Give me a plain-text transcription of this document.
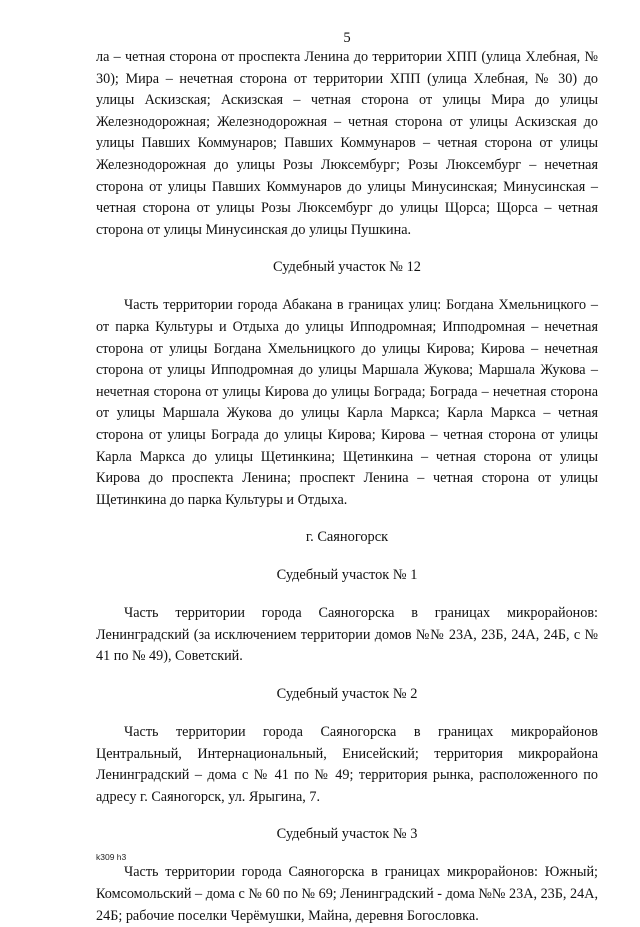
5

ла – четная сторона от проспекта Ленина до территории ХПП (улица Хлебная, № 30); Мира – нечетная сторона от территории ХПП (улица Хлебная, № 30) до улицы Аскизская; Аскизская – четная сторона от улицы Мира до улицы Железнодорожная; Железнодорожная – четная сторона от улицы Аскизская до улицы Павших Коммунаров; Павших Коммунаров – четная сторона от улицы Железнодорожная до улицы Розы Люксембург; Розы Люксембург – нечетная сторона от улицы Павших Коммунаров до улицы Минусинская; Минусинская – четная сторона от улицы Розы Люксембург до улицы Щорса; Щорса – четная сторона от улицы Минусинская до улицы Пушкина.

Судебный участок № 12

Часть территории города Абакана в границах улиц: Богдана Хмельницкого – от парка Культуры и Отдыха до улицы Ипподромная; Ипподромная – нечетная сторона от улицы Богдана Хмельницкого до улицы Кирова; Кирова – нечетная сторона от улицы Ипподромная до улицы Маршала Жукова; Маршала Жукова – нечетная сторона от улицы Кирова до улицы Бограда; Бограда – нечетная сторона от улицы Маршала Жукова до улицы Карла Маркса; Карла Маркса – четная сторона от улицы Бограда до улицы Кирова; Кирова – четная сторона от улицы Карла Маркса до улицы Щетинкина; Щетинкина – четная сторона от улицы Кирова до проспекта Ленина; проспект Ленина – четная сторона от улицы Щетинкина до парка Культуры и Отдыха.

г. Саяногорск
Судебный участок № 1

Часть территории города Саяногорска в границах микрорайонов: Ленинградский (за исключением территории домов №№ 23А, 23Б, 24А, 24Б, с № 41 по № 49), Советский.

Судебный участок № 2

Часть территории города Саяногорска в границах микрорайонов Центральный, Интернациональный, Енисейский; территория микрорайона Ленинградский – дома с № 41 по № 49; территория рынка, расположенного по адресу г. Саяногорск, ул. Ярыгина, 7.

Судебный участок № 3

Часть территории города Саяногорска в границах микрорайонов: Южный; Комсомольский – дома с № 60 по № 69; Ленинградский - дома №№ 23А, 23Б, 24А, 24Б; рабочие поселки Черёмушки, Майна, деревня Богословка.

k309 h3
